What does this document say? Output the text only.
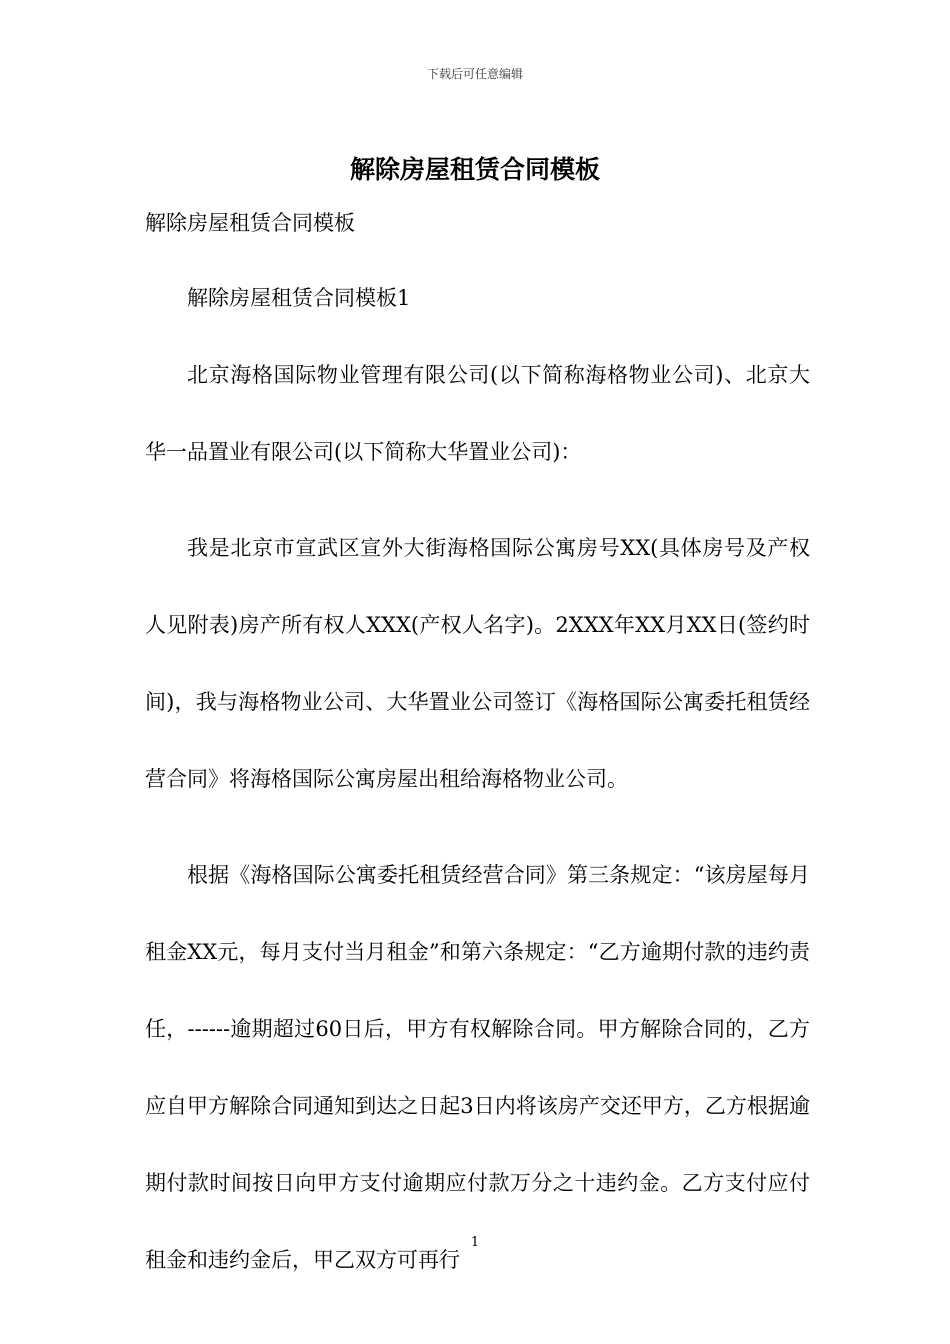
下载后可任意编辑
解除房屋租赁合同模板

解除房屋租赁合同模板

解除房屋租赁合同模板1

北京海格国际物业管理有限公司(以下简称海格物业公司)、北京大华一品置业有限公司(以下简称大华置业公司)：

我是北京市宣武区宣外大街海格国际公寓房号XX(具体房号及产权人见附表)房产所有权人XXX(产权人名字)。2XXX年XX月XX日(签约时间)，我与海格物业公司、大华置业公司签订《海格国际公寓委托租赁经营合同》将海格国际公寓房屋出租给海格物业公司。

根据《海格国际公寓委托租赁经营合同》第三条规定：“该房屋每月租金XX元，每月支付当月租金”和第六条规定：“乙方逾期付款的违约责任，------逾期超过60日后，甲方有权解除合同。甲方解除合同的，乙方应自甲方解除合同通知到达之日起3日内将该房产交还甲方，乙方根据逾期付款时间按日向甲方支付逾期应付款万分之十违约金。乙方支付应付租金和违约金后，甲乙双方可再行

1
